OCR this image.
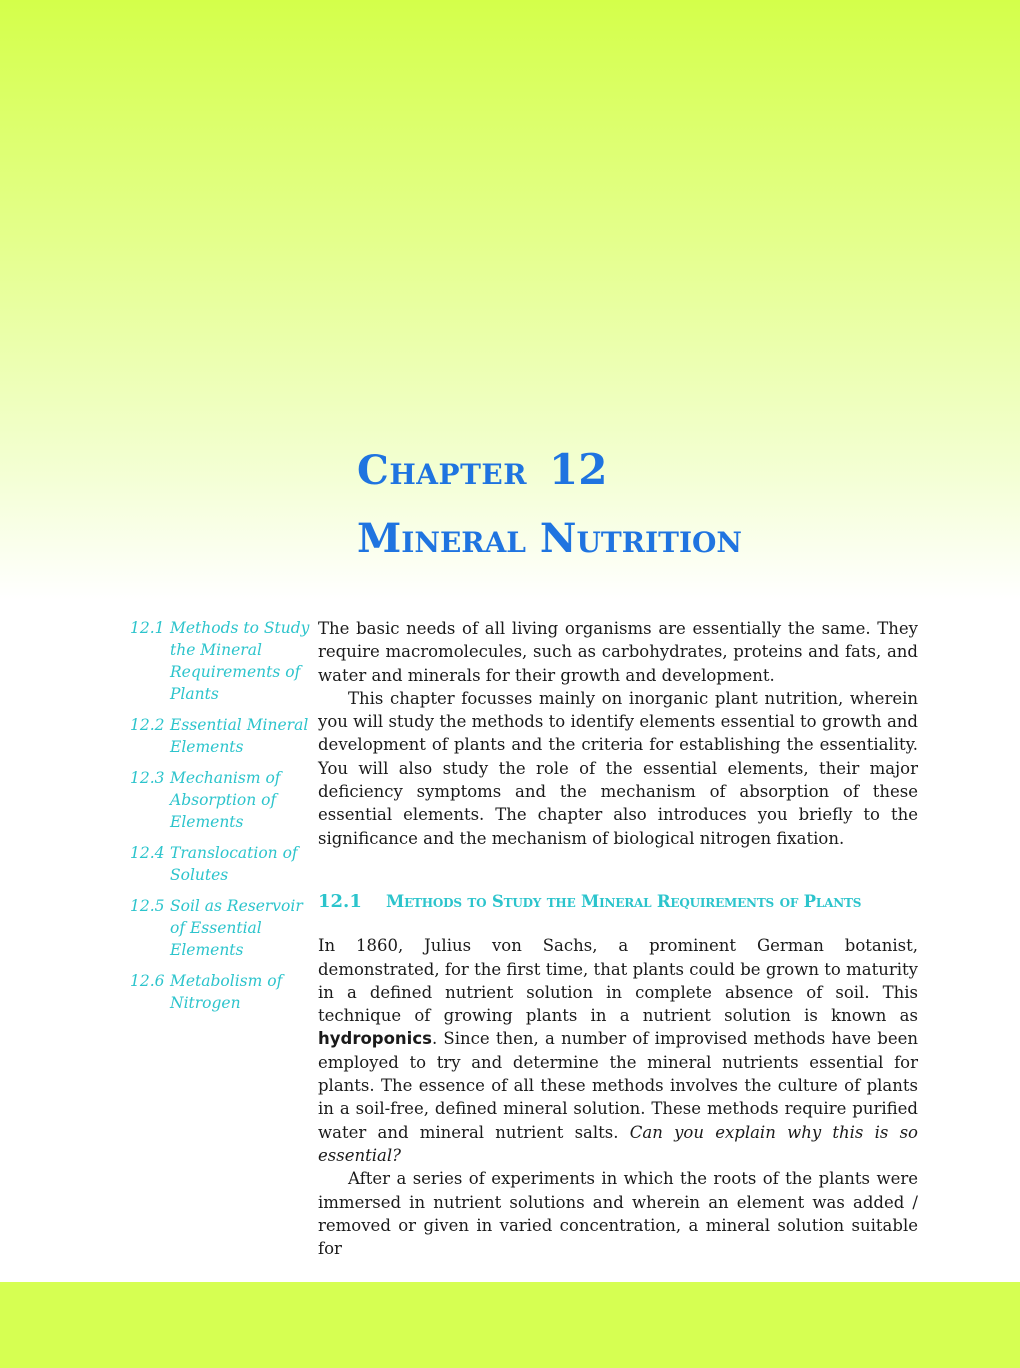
Chapter 12
Mineral Nutrition
12.1 Methods to Study the Mineral Requirements of Plants
12.2 Essential Mineral Elements
12.3 Mechanism of Absorption of Elements
12.4 Translocation of Solutes
12.5 Soil as Reservoir of Essential Elements
12.6 Metabolism of Nitrogen

The basic needs of all living organisms are essentially the same. They require macromolecules, such as carbohydrates, proteins and fats, and water and minerals for their growth and development.

This chapter focusses mainly on inorganic plant nutrition, wherein you will study the methods to identify elements essential to growth and development of plants and the criteria for establishing the essentiality. You will also study the role of the essential elements, their major deficiency symptoms and the mechanism of absorption of these essential elements. The chapter also introduces you briefly to the significance and the mechanism of biological nitrogen fixation.

12.1 Methods to Study the Mineral Requirements of Plants

In 1860, Julius von Sachs, a prominent German botanist, demonstrated, for the first time, that plants could be grown to maturity in a defined nutrient solution in complete absence of soil. This technique of growing plants in a nutrient solution is known as hydroponics. Since then, a number of improvised methods have been employed to try and determine the mineral nutrients essential for plants. The essence of all these methods involves the culture of plants in a soil-free, defined mineral solution. These methods require purified water and mineral nutrient salts. Can you explain why this is so essential?

After a series of experiments in which the roots of the plants were immersed in nutrient solutions and wherein an element was added / removed or given in varied concentration, a mineral solution suitable for
